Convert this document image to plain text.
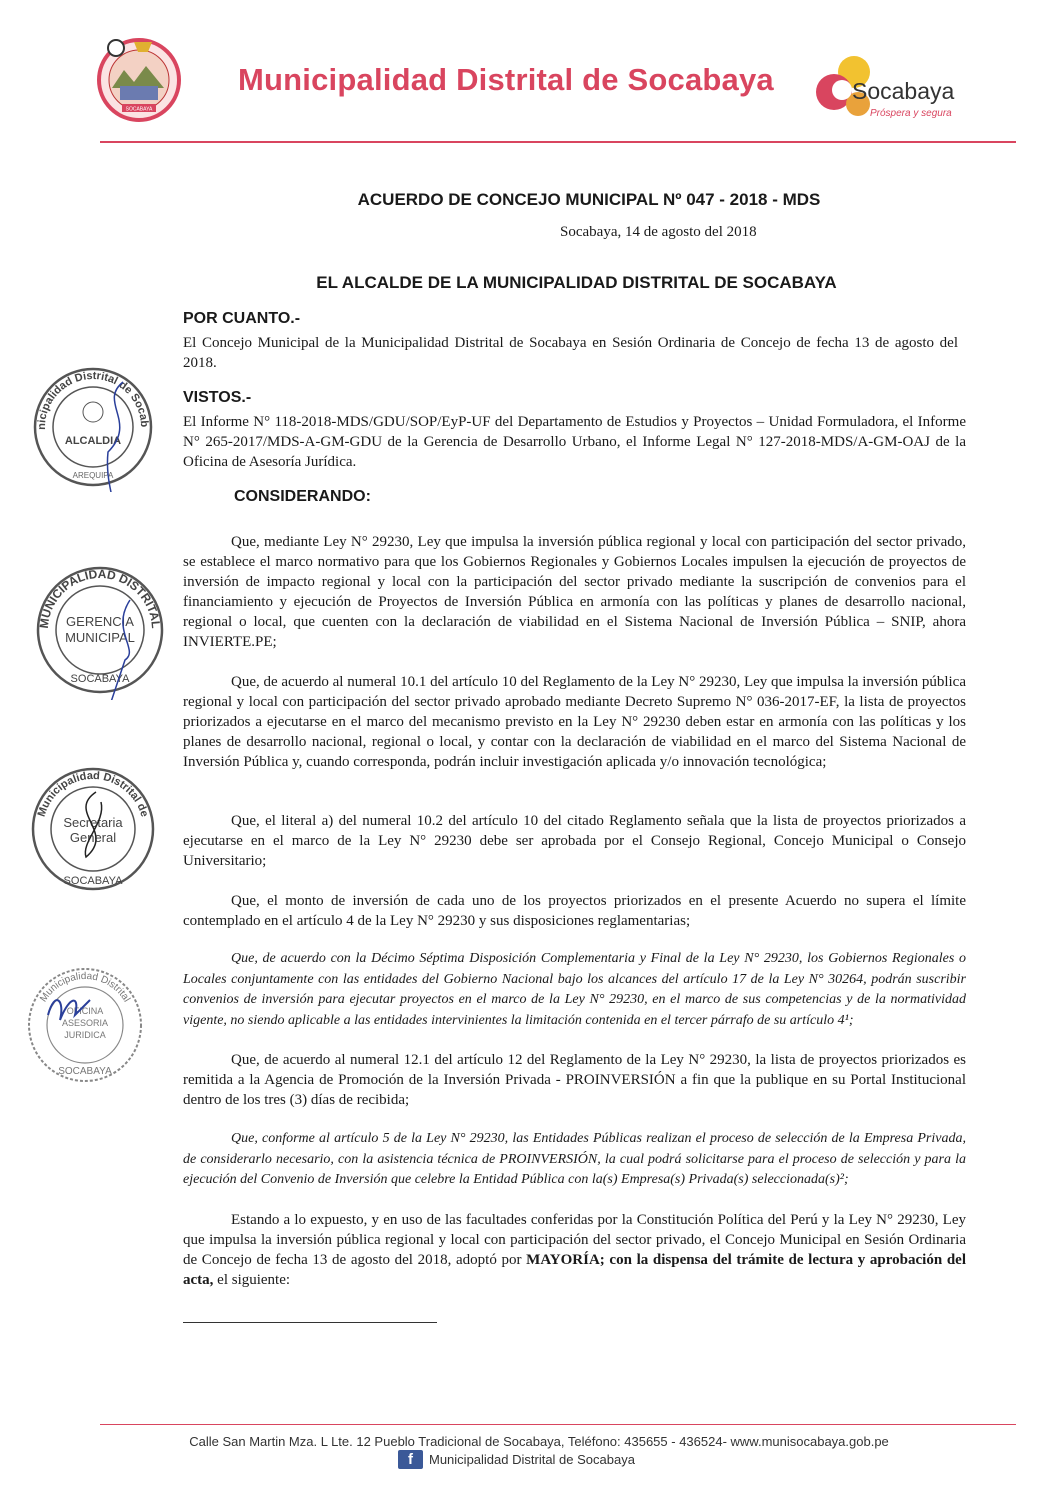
SOCABAYA
Municipalidad Distrital de Socabaya	Socabaya
Próspera y segura
ACUERDO DE CONCEJO MUNICIPAL Nº 047 - 2018 - MDS
Socabaya, 14 de agosto del 2018
EL ALCALDE DE LA MUNICIPALIDAD DISTRITAL DE SOCABAYA
POR CUANTO.-
El Concejo Municipal de la Municipalidad Distrital de Socabaya en Sesión Ordinaria de Concejo de fecha 13 de agosto del 2018.
VISTOS.-
El Informe N° 118-2018-MDS/GDU/SOP/EyP-UF del Departamento de Estudios y Proyectos – Unidad Formuladora, el Informe N° 265-2017/MDS-A-GM-GDU de la Gerencia de Desarrollo Urbano, el Informe Legal N° 127-2018-MDS/A-GM-OAJ de la Oficina de Asesoría Jurídica.
CONSIDERANDO:
Que, mediante Ley N° 29230, Ley que impulsa la inversión pública regional y local con participación del sector privado, se establece el marco normativo para que los Gobiernos Regionales y Gobiernos Locales impulsen la ejecución de proyectos de inversión de impacto regional y local con la participación del sector privado mediante la suscripción de convenios para el financiamiento y ejecución de Proyectos de Inversión Pública en armonía con las políticas y planes de desarrollo nacional, regional o local, que cuenten con la declaración de viabilidad en el Sistema Nacional de Inversión Pública – SNIP, ahora INVIERTE.PE;
Que, de acuerdo al numeral 10.1 del artículo 10 del Reglamento de la Ley N° 29230, Ley que impulsa la inversión pública regional y local con participación del sector privado aprobado mediante Decreto Supremo N° 036-2017-EF, la lista de proyectos priorizados a ejecutarse en el marco del mecanismo previsto en la Ley N° 29230 deben estar en armonía con las políticas y los planes de desarrollo nacional, regional o local, y contar con la declaración de viabilidad en el marco del Sistema Nacional de Inversión Pública y, cuando corresponda, podrán incluir investigación aplicada y/o innovación tecnológica;
Que, el literal a) del numeral 10.2 del artículo 10 del citado Reglamento señala que la lista de proyectos priorizados a ejecutarse en el marco de la Ley N° 29230 debe ser aprobada por el Consejo Regional, Concejo Municipal o Consejo Universitario;
Que, el monto de inversión de cada uno de los proyectos priorizados en el presente Acuerdo no supera el límite contemplado en el artículo 4 de la Ley N° 29230 y sus disposiciones reglamentarias;
Que, de acuerdo con la Décimo Séptima Disposición Complementaria y Final de la Ley N° 29230, los Gobiernos Regionales o Locales conjuntamente con las entidades del Gobierno Nacional bajo los alcances del artículo 17 de la Ley N° 30264, podrán suscribir convenios de inversión para ejecutar proyectos en el marco de la Ley N° 29230, en el marco de sus competencias y de la normatividad vigente, no siendo aplicable a las entidades intervinientes la limitación contenida en el tercer párrafo de su artículo 4¹;
Que, de acuerdo al numeral 12.1 del artículo 12 del Reglamento de la Ley N° 29230, la lista de proyectos priorizados es remitida a la Agencia de Promoción de la Inversión Privada - PROINVERSIÓN a fin que la publique en su Portal Institucional dentro de los tres (3) días de recibida;
Que, conforme al artículo 5 de la Ley N° 29230, las Entidades Públicas realizan el proceso de selección de la Empresa Privada, de considerarlo necesario, con la asistencia técnica de PROINVERSIÓN, la cual podrá solicitarse para el proceso de selección y para la ejecución del Convenio de Inversión que celebre la Entidad Pública con la(s) Empresa(s) Privada(s) seleccionada(s)²;
Estando a lo expuesto, y en uso de las facultades conferidas por la Constitución Política del Perú y la Ley N° 29230, Ley que impulsa la inversión pública regional y local con participación del sector privado, el Concejo Municipal en Sesión Ordinaria de Concejo de fecha 13 de agosto del 2018, adoptó por MAYORÍA; con la dispensa del trámite de lectura y aprobación del acta, el siguiente:
nicipalidad Distrital de Socab
ALCALDIA
AREQUIPA
MUNICIPALIDAD DISTRITAL
GERENCIA
MUNICIPAL
SOCABAYA
Municipalidad Distrital de
Secretaria
General
SOCABAYA
Municipalidad Distrital
OFICINA
ASESORIA
JURIDICA
SOCABAYA
Calle San Martin Mza. L Lte. 12 Pueblo Tradicional de Socabaya, Teléfono: 435655 - 436524- www.munisocabaya.gob.pe
f	Municipalidad Distrital de Socabaya
